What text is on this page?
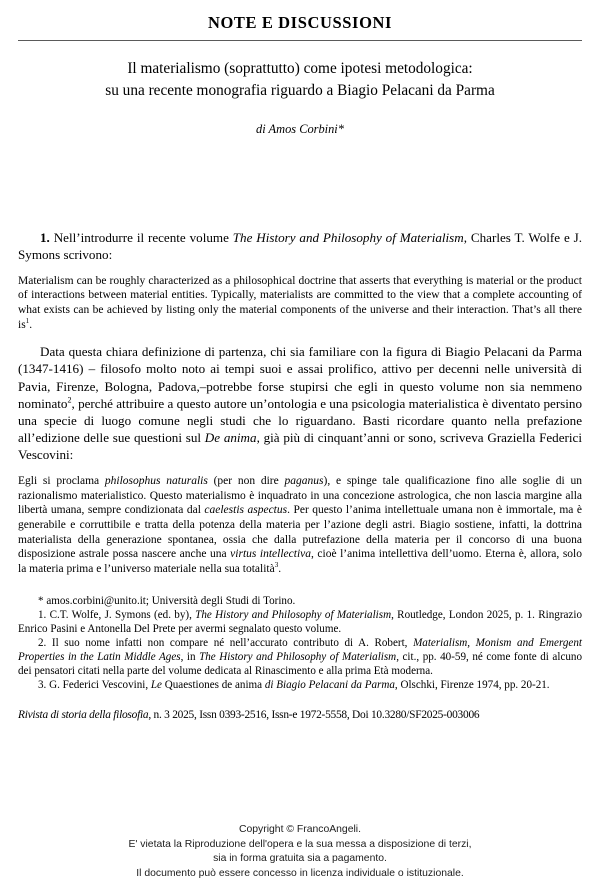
NOTE E DISCUSSIONI
Il materialismo (soprattutto) come ipotesi metodologica:
su una recente monografia riguardo a Biagio Pelacani da Parma
di Amos Corbini*

1. Nell’introdurre il recente volume The History and Philosophy of Materialism, Charles T. Wolfe e J. Symons scrivono:

Materialism can be roughly characterized as a philosophical doctrine that asserts that everything is material or the product of interactions between material entities. Typically, materialists are committed to the view that a complete accounting of what exists can be achieved by listing only the material components of the universe and their interaction. That’s all there $is^1$.

Data questa chiara definizione di partenza, chi sia familiare con la figura di Biagio Pelacani da Parma (1347-1416) – filosofo molto noto ai tempi suoi e assai prolifico, attivo per decenni nelle università di Pavia, Firenze, Bologna, Padova,–potrebbe forse stupirsi che egli in questo volume non sia nemmeno nominato$^2$, perché attribuire a questo autore un’ontologia e una psicologia materialistica è diventato persino una specie di luogo comune negli studi che lo riguardano. Basti ricordare quanto nella prefazione all’edizione delle sue questioni sul De anima, già più di cinquant’anni or sono, scriveva Graziella Federici Vescovini:

Egli si proclama philosophus naturalis (per non dire paganus), e spinge tale qualificazione fino alle soglie di un razionalismo materialistico. Questo materialismo è inquadrato in una concezione astrologica, che non lascia margine alla libertà umana, sempre condizionata dal caelestis aspectus. Per questo l’anima intellettuale umana non è immortale, ma è generabile e corruttibile e tratta della potenza della materia per l’azione degli astri. Biagio sostiene, infatti, la dottrina materialista della generazione spontanea, ossia che dalla putrefazione della materia per il concorso di una buona disposizione astrale possa nascere anche una virtus intellectiva, cioè l’anima intellettiva dell’uomo. Eterna è, allora, solo la materia prima e l’universo materiale nella sua totalità$^3$.

* amos.corbini@unito.it; Università degli Studi di Torino.

1. C.T. Wolfe, J. Symons (ed. by), The History and Philosophy of Materialism, Routledge, London 2025, p. 1. Ringrazio Enrico Pasini e Antonella Del Prete per avermi segnalato questo volume.

2. Il suo nome infatti non compare né nell’accurato contributo di A. Robert, Materialism, Monism and Emergent Properties in the Latin Middle Ages, in The History and Philosophy of Materialism, cit., pp. 40-59, né come fonte di alcuno dei pensatori citati nella parte del volume dedicata al Rinascimento e alla prima Età moderna.

3. G. Federici Vescovini, Le Quaestiones de anima di Biagio Pelacani da Parma, Olschki, Firenze 1974, pp. 20-21.

Rivista di storia della filosofia, n. 3 2025, Issn 0393-2516, Issn-e 1972-5558, Doi 10.3280/SF2025-003006
Copyright © FrancoAngeli.
E' vietata la Riproduzione dell'opera e la sua messa a disposizione di terzi,
sia in forma gratuita sia a pagamento.
Il documento può essere concesso in licenza individuale o istituzionale.
